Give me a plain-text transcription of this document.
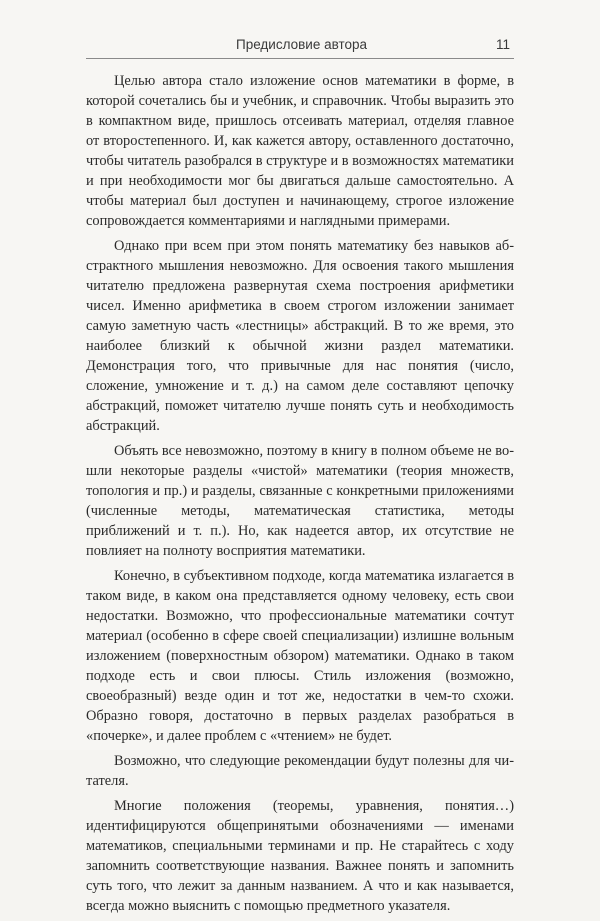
Предисловие автора	11

Целью автора стало изложение основ математики в форме, в которой сочетались бы и учебник, и справочник. Чтобы выразить это в компактном виде, пришлось отсеивать материал, отделяя главное от второстепенного. И, как кажется автору, оставленного достаточно, чтобы читатель разобрался в структуре и в возможностях математики и при необходимости мог бы двигаться дальше самостоятельно. А чтобы материал был доступен и начинающему, строгое изложение сопровождается комментариями и наглядными примерами.

Однако при всем при этом понять математику без навыков абстрактного мышления невозможно. Для освоения такого мышления читателю предложена развернутая схема построения арифметики чисел. Именно арифметика в своем строгом изложении занимает самую заметную часть «лестницы» абстракций. В то же время, это наиболее близкий к обычной жизни раздел математики. Демонстрация того, что привычные для нас понятия (число, сложение, умножение и т. д.) на самом деле составляют цепочку абстракций, поможет читателю лучше понять суть и необходимость абстракций.

Объять все невозможно, поэтому в книгу в полном объеме не вошли некоторые разделы «чистой» математики (теория множеств, топология и пр.) и разделы, связанные с конкретными приложениями (численные методы, математическая статистика, методы приближений и т. п.). Но, как надеется автор, их отсутствие не повлияет на полноту восприятия математики.

Конечно, в субъективном подходе, когда математика излагается в таком виде, в каком она представляется одному человеку, есть свои недостатки. Возможно, что профессиональные математики сочтут материал (особенно в сфере своей специализации) излишне вольным изложением (поверхностным обзором) математики. Однако в таком подходе есть и свои плюсы. Стиль изложения (возможно, своеобразный) везде один и тот же, недостатки в чем-то схожи. Образно говоря, достаточно в первых разделах разобраться в «почерке», и далее проблем с «чтением» не будет.

Возможно, что следующие рекомендации будут полезны для читателя.

Многие положения (теоремы, уравнения, понятия…) идентифицируются общепринятыми обозначениями — именами математиков, специальными терминами и пр. Не старайтесь с ходу запомнить соответствующие названия. Важнее понять и запомнить суть того, что лежит за данным названием. А что и как называется, всегда можно выяснить с помощью предметного указателя.
